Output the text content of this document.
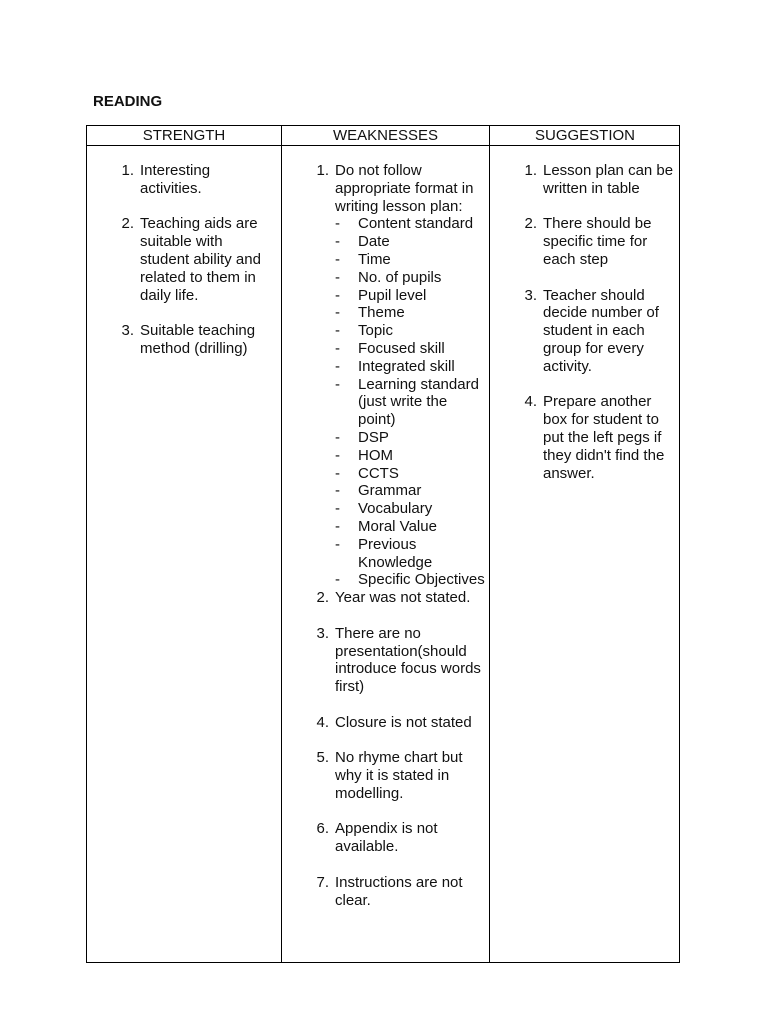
READING
STRENGTH	WEAKNESSES	SUGGESTION
1. Interesting activities.
2. Teaching aids are suitable with student ability and related to them in daily life.
3. Suitable teaching method (drilling)
1. Do not follow appropriate format in writing lesson plan:
- Content standard
- Date
- Time
- No. of pupils
- Pupil level
- Theme
- Topic
- Focused skill
- Integrated skill
- Learning standard (just write the point)
- DSP
- HOM
- CCTS
- Grammar
- Vocabulary
- Moral Value
- Previous Knowledge
- Specific Objectives
2. Year was not stated.
3. There are no presentation(should introduce focus words first)
4. Closure is not stated
5. No rhyme chart but why it is stated in modelling.
6. Appendix is not available.
7. Instructions are not clear.
1. Lesson plan can be written in table
2. There should be specific time for each step
3. Teacher should decide number of student in each group for every activity.
4. Prepare another box for student to put the left pegs if they didn't find the answer.
